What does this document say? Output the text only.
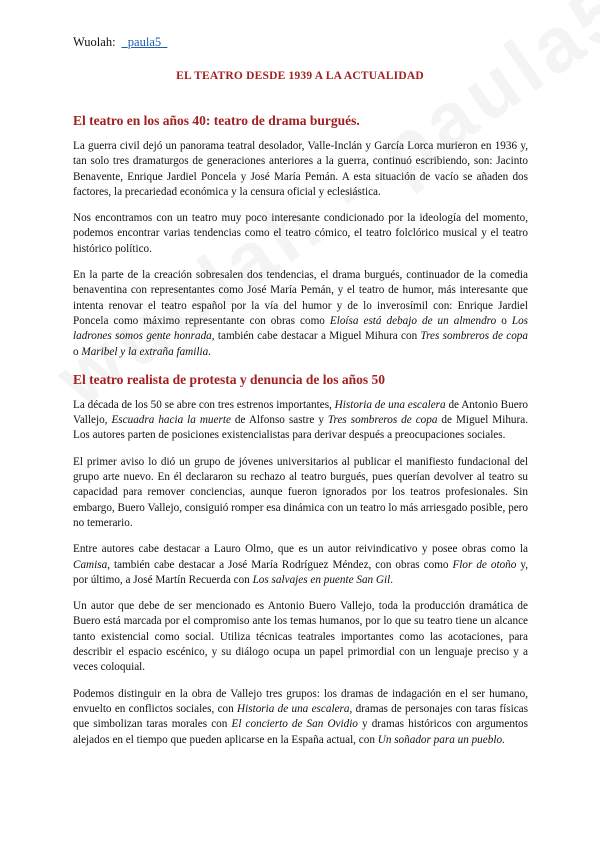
Wuolah: _paula5_
EL TEATRO DESDE 1939 A LA ACTUALIDAD
El teatro en los años 40: teatro de drama burgués.

La guerra civil dejó un panorama teatral desolador, Valle-Inclán y García Lorca murieron en 1936 y, tan solo tres dramaturgos de generaciones anteriores a la guerra, continuó escribiendo, son: Jacinto Benavente, Enrique Jardiel Poncela y José María Pemán. A esta situación de vacío se añaden dos factores, la precariedad económica y la censura oficial y eclesiástica.

Nos encontramos con un teatro muy poco interesante condicionado por la ideología del momento, podemos encontrar varias tendencias como el teatro cómico, el teatro folclórico musical y el teatro histórico político.

En la parte de la creación sobresalen dos tendencias, el drama burgués, continuador de la comedia benaventina con representantes como José María Pemán, y el teatro de humor, más interesante que intenta renovar el teatro español por la vía del humor y de lo inverosímil con: Enrique Jardiel Poncela como máximo representante con obras como Eloísa está debajo de un almendro o Los ladrones somos gente honrada, también cabe destacar a Miguel Mihura con Tres sombreros de copa o Maribel y la extraña familia.

El teatro realista de protesta y denuncia de los años 50

La década de los 50 se abre con tres estrenos importantes, Historia de una escalera de Antonio Buero Vallejo, Escuadra hacia la muerte de Alfonso sastre y Tres sombreros de copa de Miguel Mihura. Los autores parten de posiciones existencialistas para derivar después a preocupaciones sociales.

El primer aviso lo dió un grupo de jóvenes universitarios al publicar el manifiesto fundacional del grupo arte nuevo. En él declararon su rechazo al teatro burgués, pues querían devolver al teatro su capacidad para remover conciencias, aunque fueron ignorados por los teatros profesionales. Sin embargo, Buero Vallejo, consiguió romper esa dinámica con un teatro lo más arriesgado posible, pero no temerario.

Entre autores cabe destacar a Lauro Olmo, que es un autor reivindicativo y posee obras como la Camisa, también cabe destacar a José María Rodríguez Méndez, con obras como Flor de otoño y, por último, a José Martín Recuerda con Los salvajes en puente San Gil.

Un autor que debe de ser mencionado es Antonio Buero Vallejo, toda la producción dramática de Buero está marcada por el compromiso ante los temas humanos, por lo que su teatro tiene un alcance tanto existencial como social. Utiliza técnicas teatrales importantes como las acotaciones, para describir el espacio escénico, y su diálogo ocupa un papel primordial con un lenguaje preciso y a veces coloquial.

Podemos distinguir en la obra de Vallejo tres grupos: los dramas de indagación en el ser humano, envuelto en conflictos sociales, con Historia de una escalera, dramas de personajes con taras físicas que simbolizan taras morales con El concierto de San Ovidio y dramas históricos con argumentos alejados en el tiempo que pueden aplicarse en la España actual, con Un soñador para un pueblo.
